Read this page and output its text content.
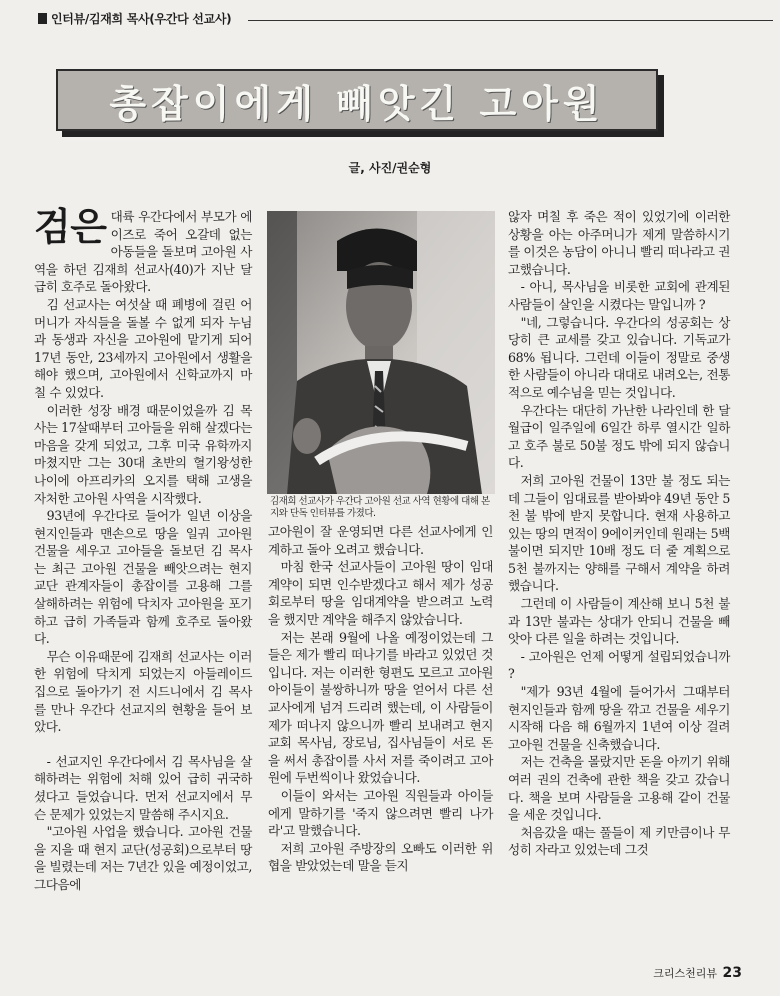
인터뷰/김재희 목사(우간다 선교사)
총잡이에게 빼앗긴 고아원
글, 사진/권순형
검은 대륙 우간다에서 부모가 에이즈로 죽어 오갈데 없는 아동들을 돌보며 고아원 사역을 하던 김재희 선교사(40)가 지난 달 급히 호주로 돌아왔다.

김 선교사는 여섯살 때 폐병에 걸린 어머니가 자식들을 돌볼 수 없게 되자 누님과 동생과 자신을 고아원에 맡기게 되어 17년 동안, 23세까지 고아원에서 생활을 해야 했으며, 고아원에서 신학교까지 마칠 수 있었다.

이러한 성장 배경 때문이었을까 김 목사는 17살때부터 고아들을 위해 살겠다는 마음을 갖게 되었고, 그후 미국 유학까지 마쳤지만 그는 30대 초반의 혈기왕성한 나이에 아프리카의 오지를 택해 고생을 자처한 고아원 사역을 시작했다.

93년에 우간다로 들어가 일년 이상을 현지인들과 맨손으로 땅을 일궈 고아원 건물을 세우고 고아들을 돌보던 김 목사는 최근 고아원 건물을 빼앗으려는 현지 교단 관계자들이 총잡이를 고용해 그를 살해하려는 위험에 닥치자 고아원을 포기하고 급히 가족들과 함께 호주로 돌아왔다.

무슨 이유때문에 김재희 선교사는 이러한 위험에 닥치게 되었는지 아들레이드 집으로 돌아가기 전 시드니에서 김 목사를 만나 우간다 선교지의 현황을 들어 보았다.

- 선교지인 우간다에서 김 목사님을 살해하려는 위험에 처해 있어 급히 귀국하셨다고 들었습니다. 먼저 선교지에서 무슨 문제가 있었는지 말씀해 주시지요.

"고아원 사업을 했습니다. 고아원 건물을 지을 때 현지 교단(성공회)으로부터 땅을 빌렸는데 저는 7년간 있을 예정이었고, 그다음에

김재희 선교사가 우간다 고아원 선교 사역 현황에 대해 본지와 단독 인터뷰를 가졌다.

고아원이 잘 운영되면 다른 선교사에게 인계하고 돌아 오려고 했습니다.

마침 한국 선교사들이 고아원 땅이 임대계약이 되면 인수받겠다고 해서 제가 성공회로부터 땅을 임대계약을 받으려고 노력을 했지만 계약을 해주지 않았습니다.

저는 본래 9월에 나올 예정이었는데 그들은 제가 빨리 떠나기를 바라고 있었던 것입니다. 저는 이러한 형편도 모르고 고아원 아이들이 불쌍하니까 땅을 얻어서 다른 선교사에게 넘겨 드리려 했는데, 이 사람들이 제가 떠나지 않으니까 빨리 보내려고 현지 교회 목사님, 장로님, 집사님들이 서로 돈을 써서 총잡이를 사서 저를 죽이려고 고아원에 두번씩이나 왔었습니다.

이들이 와서는 고아원 직원들과 아이들에게 말하기를 '죽지 않으려면 빨리 나가라'고 말했습니다.

저희 고아원 주방장의 오빠도 이러한 위협을 받았었는데 말을 듣지

않자 며칠 후 죽은 적이 있었기에 이러한 상황을 아는 아주머니가 제게 말씀하시기를 이것은 농담이 아니니 빨리 떠나라고 권고했습니다.

- 아니, 목사님을 비롯한 교회에 관계된 사람들이 살인을 시켰다는 말입니까 ?

"네, 그렇습니다. 우간다의 성공회는 상당히 큰 교세를 갖고 있습니다. 기독교가 68% 됩니다. 그런데 이들이 정말로 중생한 사람들이 아니라 대대로 내려오는, 전통적으로 예수님을 믿는 것입니다.

우간다는 대단히 가난한 나라인데 한 달 월급이 일주일에 6일간 하루 열시간 일하고 호주 불로 50불 정도 밖에 되지 않습니다.

저희 고아원 건물이 13만 불 정도 되는데 그들이 임대료를 받아봐야 49년 동안 5천 불 밖에 받지 못합니다. 현재 사용하고 있는 땅의 면적이 9에이커인데 원래는 5백불이면 되지만 10배 정도 더 줄 계획으로 5천 불까지는 양해를 구해서 계약을 하려 했습니다.

그런데 이 사람들이 계산해 보니 5천 불과 13만 불과는 상대가 안되니 건물을 빼앗아 다른 일을 하려는 것입니다.

- 고아원은 언제 어떻게 설립되었습니까 ?

"제가 93년 4월에 들어가서 그때부터 현지인들과 함께 땅을 깎고 건물을 세우기 시작해 다음 해 6월까지 1년여 이상 걸려 고아원 건물을 신축했습니다.

저는 건축을 몰랐지만 돈을 아끼기 위해 여러 권의 건축에 관한 책을 갖고 갔습니다. 책을 보며 사람들을 고용해 같이 건물을 세운 것입니다.

처음갔을 때는 풀들이 제 키만큼이나 무성히 자라고 있었는데 그것

크리스천리뷰 23
